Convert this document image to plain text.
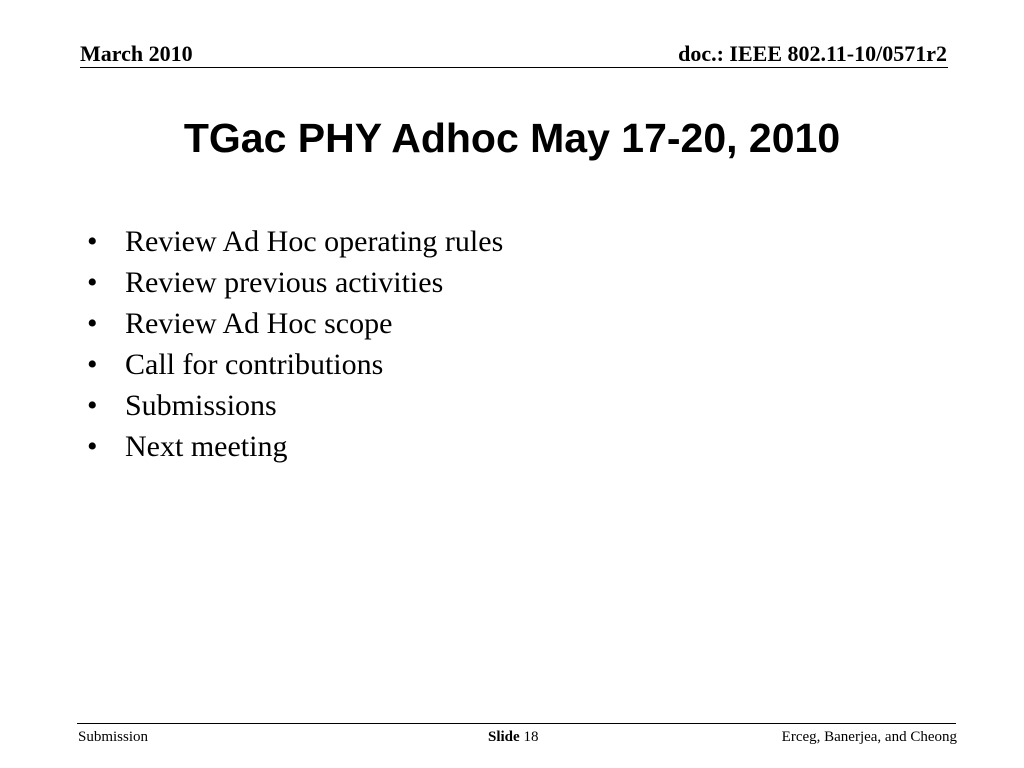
March 2010	doc.: IEEE 802.11-10/0571r2
TGac PHY Adhoc May 17-20, 2010
• Review Ad Hoc operating rules
• Review previous activities
• Review Ad Hoc scope
• Call for contributions
• Submissions
• Next meeting
Submission	Slide 18	Erceg, Banerjea, and Cheong
